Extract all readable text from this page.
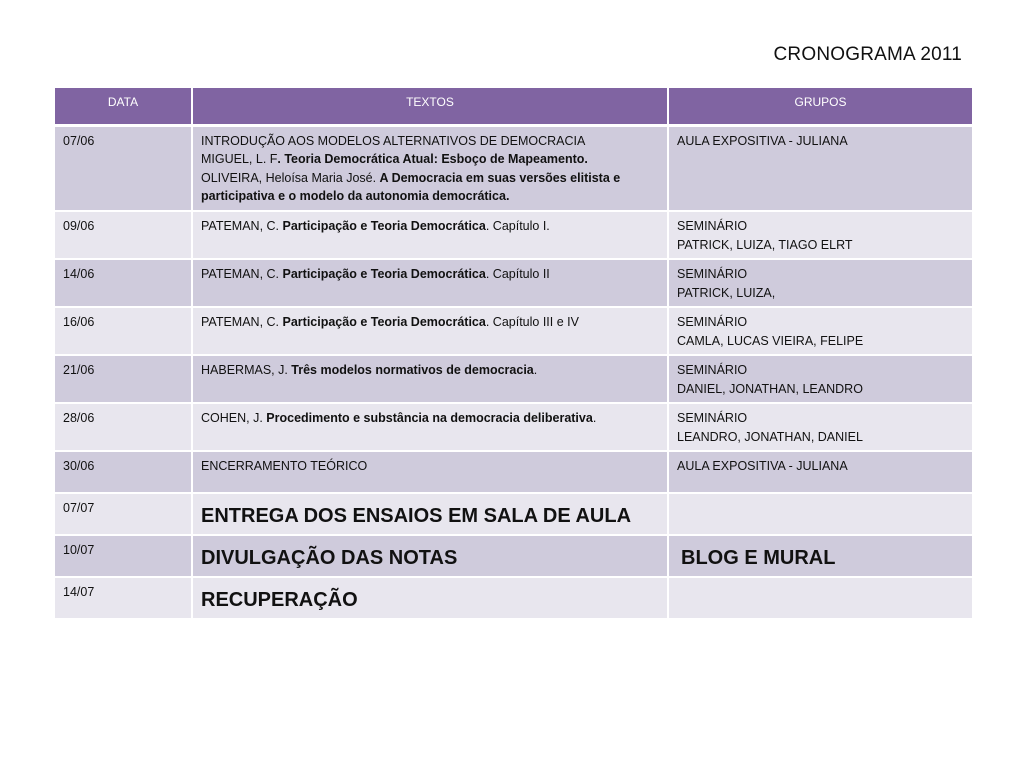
CRONOGRAMA 2011
DATA	TEXTOS	GRUPOS
07/06	INTRODUÇÃO AOS MODELOS ALTERNATIVOS DE DEMOCRACIA
MIGUEL, L. F. Teoria Democrática Atual: Esboço de Mapeamento.
OLIVEIRA, Heloísa Maria José. A Democracia em suas versões elitista e participativa e o modelo da autonomia democrática.	AULA EXPOSITIVA - JULIANA

09/06	PATEMAN, C. Participação e Teoria Democrática. Capítulo I.	SEMINÁRIO
PATRICK, LUIZA, TIAGO ELRT

14/06	PATEMAN, C. Participação e Teoria Democrática. Capítulo II	SEMINÁRIO
PATRICK, LUIZA,

16/06	PATEMAN, C. Participação e Teoria Democrática. Capítulo III e IV	SEMINÁRIO
CAMLA, LUCAS VIEIRA, FELIPE

21/06	HABERMAS, J. Três modelos normativos de democracia.	SEMINÁRIO
DANIEL, JONATHAN, LEANDRO

28/06	COHEN, J. Procedimento e substância na democracia deliberativa.	SEMINÁRIO
LEANDRO, JONATHAN, DANIEL

30/06	ENCERRAMENTO TEÓRICO	AULA EXPOSITIVA - JULIANA

07/07	ENTREGA DOS ENSAIOS EM SALA DE AULA	

10/07	DIVULGAÇÃO DAS NOTAS	BLOG E MURAL

14/07	RECUPERAÇÃO	
